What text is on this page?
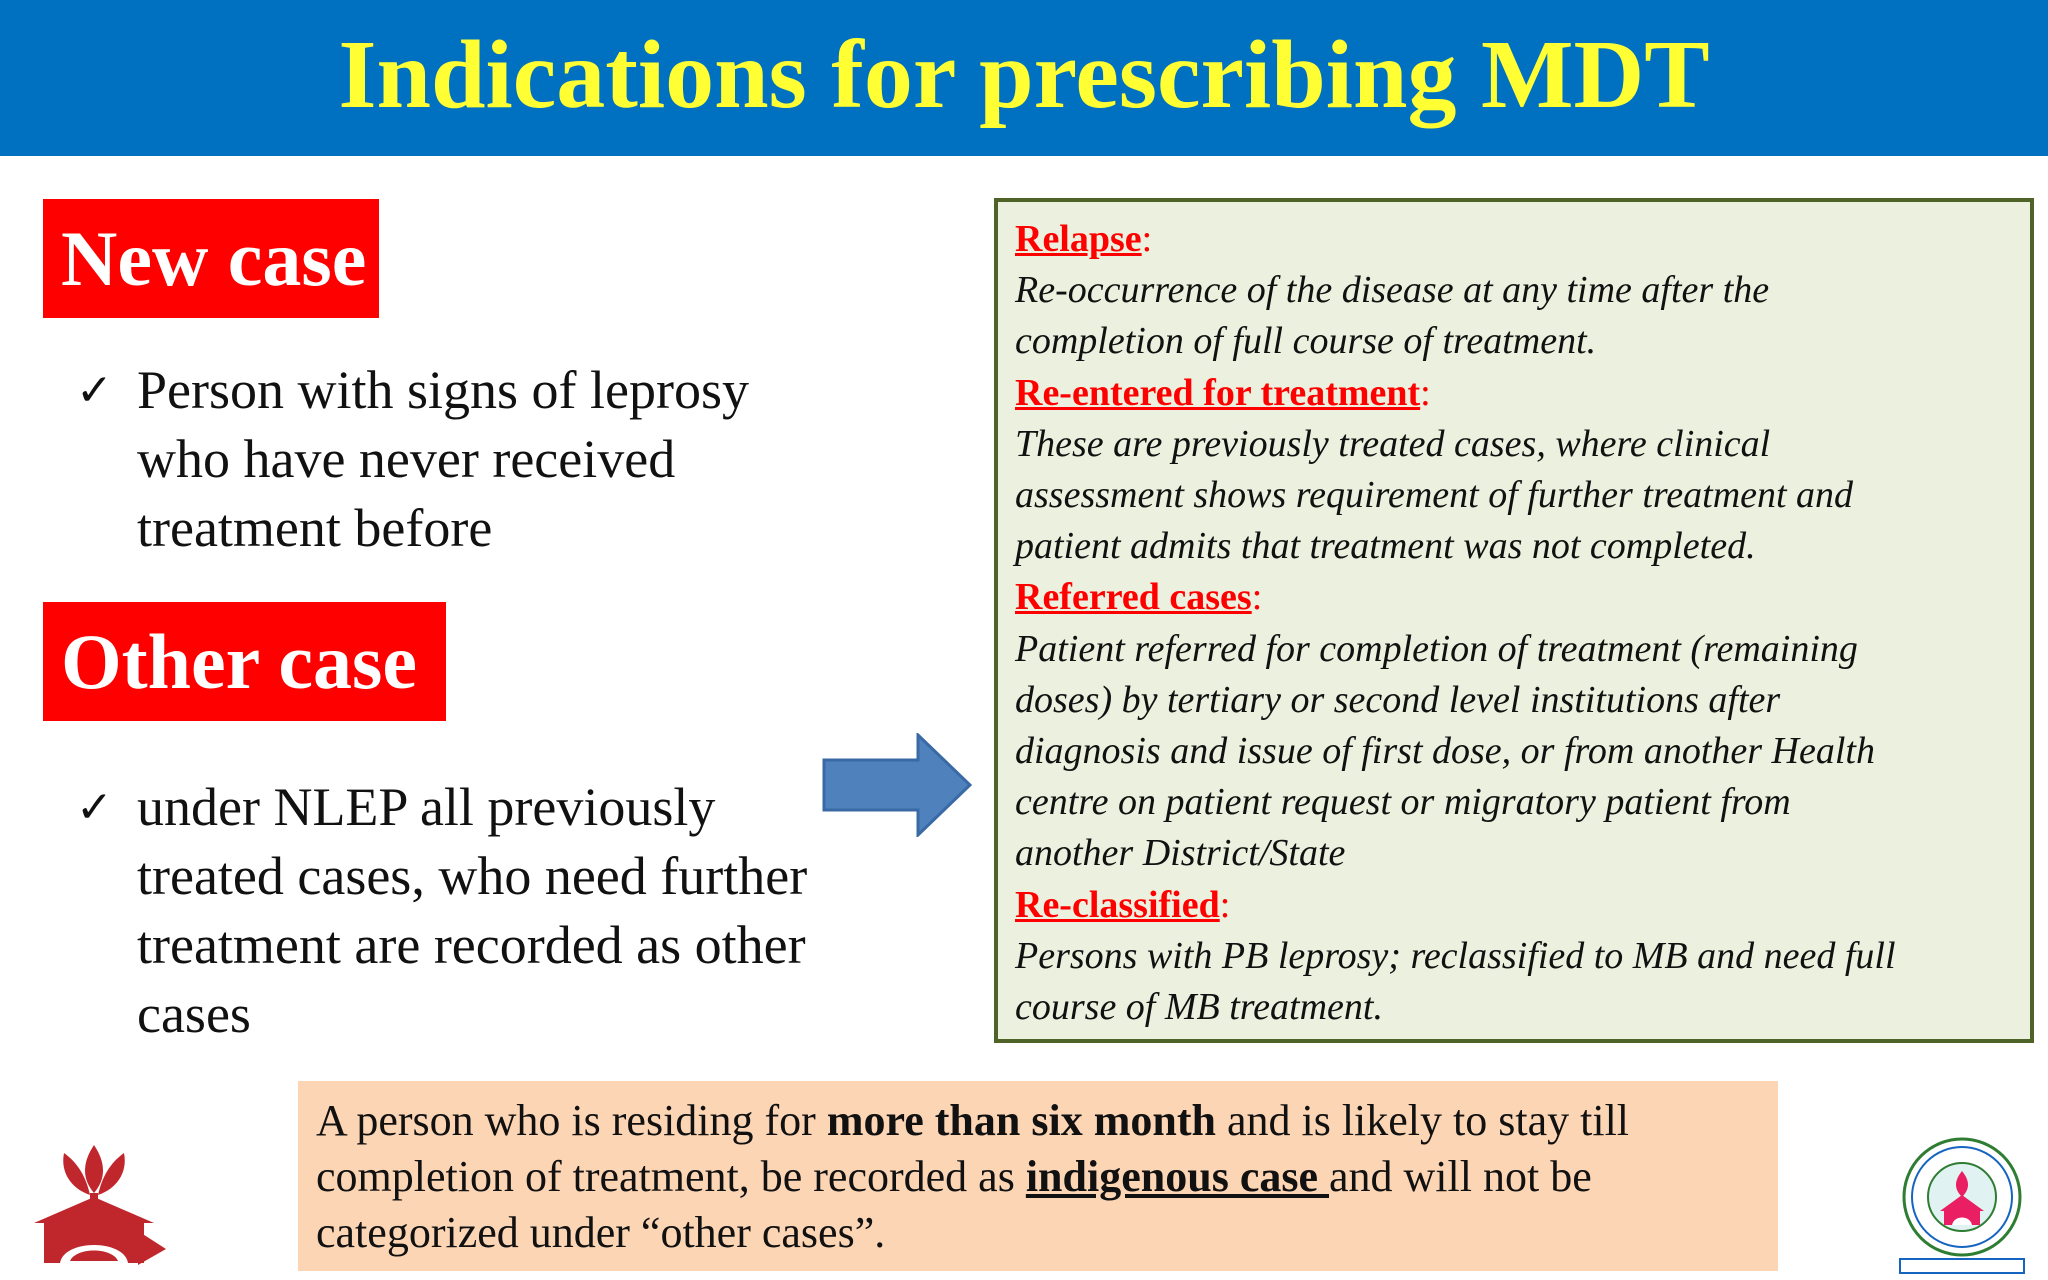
Indications for prescribing MDT
New case
✓ Person with signs of leprosy
who have never received
treatment before
Other case
✓ under NLEP all previously
treated cases, who need further
treatment are recorded as other
cases
Relapse:
Re-occurrence of the disease at any time after the
completion of full course of treatment.
Re-entered for treatment:
These are previously treated cases, where clinical
assessment shows requirement of further treatment and
patient admits that treatment was not completed.
Referred cases:
Patient referred for completion of treatment (remaining
doses) by tertiary or second level institutions after
diagnosis and issue of first dose, or from another Health
centre on patient request or migratory patient from
another District/State
Re-classified:
Persons with PB leprosy; reclassified to MB and need full
course of MB treatment.
A person who is residing for more than six month and is likely to stay till
completion of treatment, be recorded as indigenous case and will not be
categorized under “other cases”.
